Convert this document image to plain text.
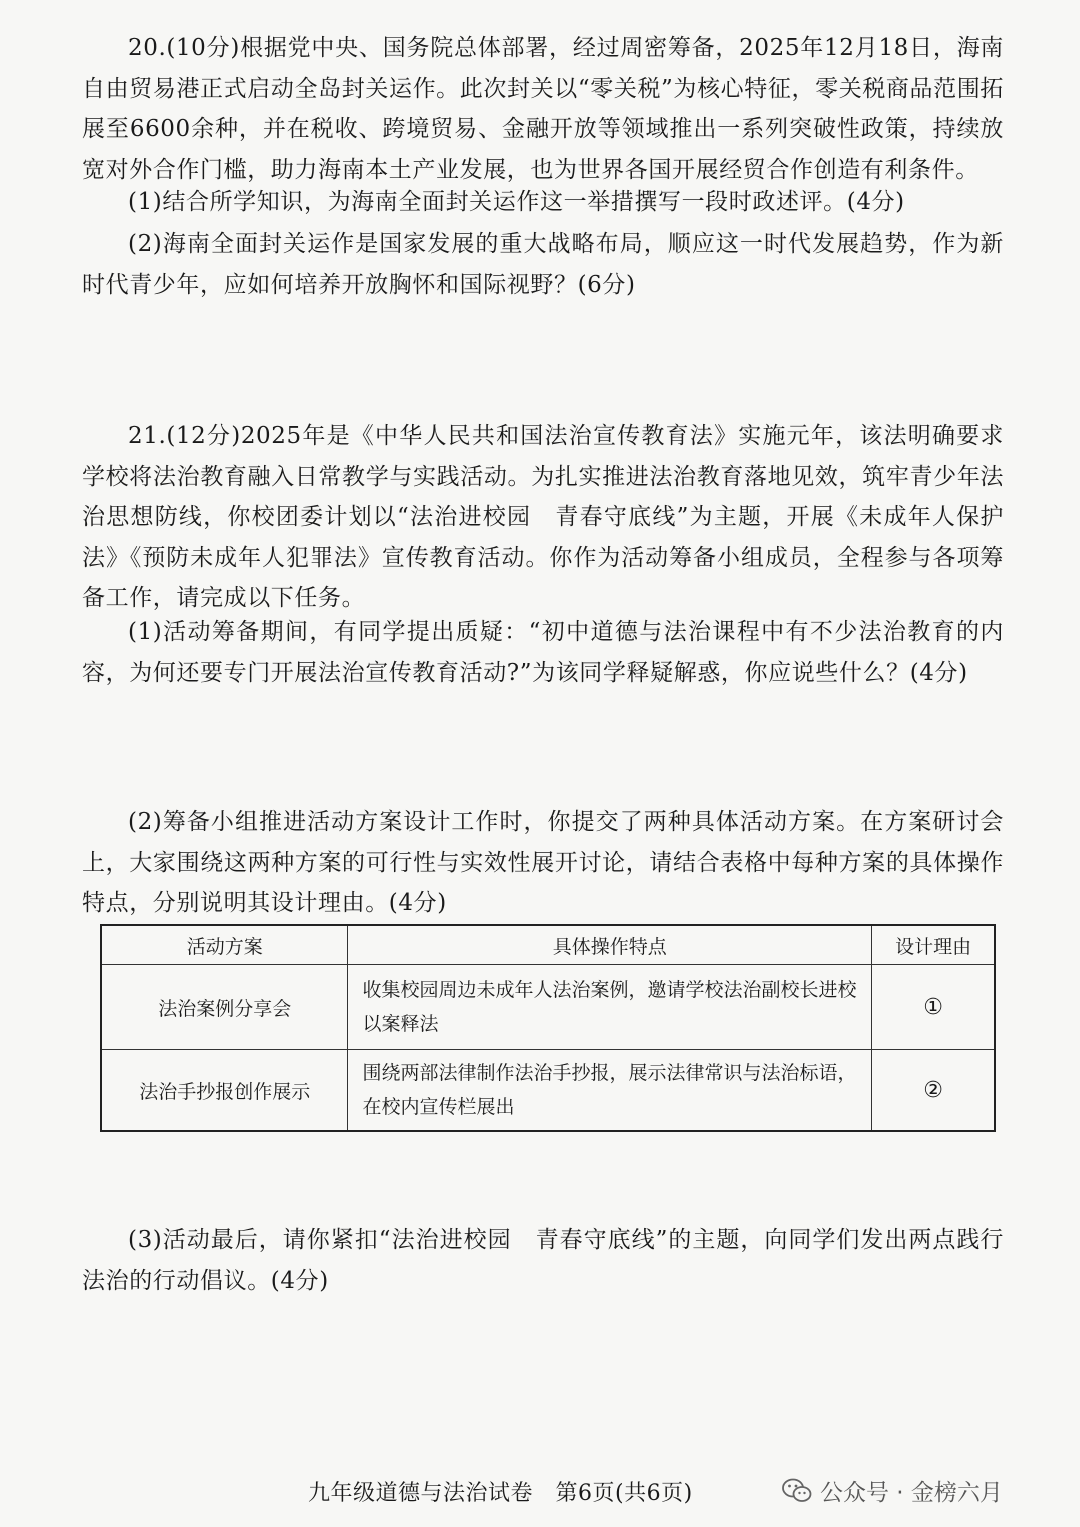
20.(10分)根据党中央、国务院总体部署，经过周密筹备，2025年12月18日，海南自由贸易港正式启动全岛封关运作。此次封关以“零关税”为核心特征，零关税商品范围拓展至6600余种，并在税收、跨境贸易、金融开放等领域推出一系列突破性政策，持续放宽对外合作门槛，助力海南本土产业发展，也为世界各国开展经贸合作创造有利条件。

(1)结合所学知识，为海南全面封关运作这一举措撰写一段时政述评。(4分)

(2)海南全面封关运作是国家发展的重大战略布局，顺应这一时代发展趋势，作为新时代青少年，应如何培养开放胸怀和国际视野？(6分)

21.(12分)2025年是《中华人民共和国法治宣传教育法》实施元年，该法明确要求学校将法治教育融入日常教学与实践活动。为扎实推进法治教育落地见效，筑牢青少年法治思想防线，你校团委计划以“法治进校园　青春守底线”为主题，开展《未成年人保护法》《预防未成年人犯罪法》宣传教育活动。你作为活动筹备小组成员，全程参与各项筹备工作，请完成以下任务。

(1)活动筹备期间，有同学提出质疑：“初中道德与法治课程中有不少法治教育的内容，为何还要专门开展法治宣传教育活动?”为该同学释疑解惑，你应说些什么？(4分)

(2)筹备小组推进活动方案设计工作时，你提交了两种具体活动方案。在方案研讨会上，大家围绕这两种方案的可行性与实效性展开讨论，请结合表格中每种方案的具体操作特点，分别说明其设计理由。(4分)

活动方案	具体操作特点	设计理由
法治案例分享会	收集校园周边未成年人法治案例，邀请学校法治副校长进校以案释法	①
法治手抄报创作展示	围绕两部法律制作法治手抄报，展示法律常识与法治标语，在校内宣传栏展出	②

(3)活动最后，请你紧扣“法治进校园　青春守底线”的主题，向同学们发出两点践行法治的行动倡议。(4分)

九年级道德与法治试卷　第6页(共6页)	公众号 · 金榜六月
